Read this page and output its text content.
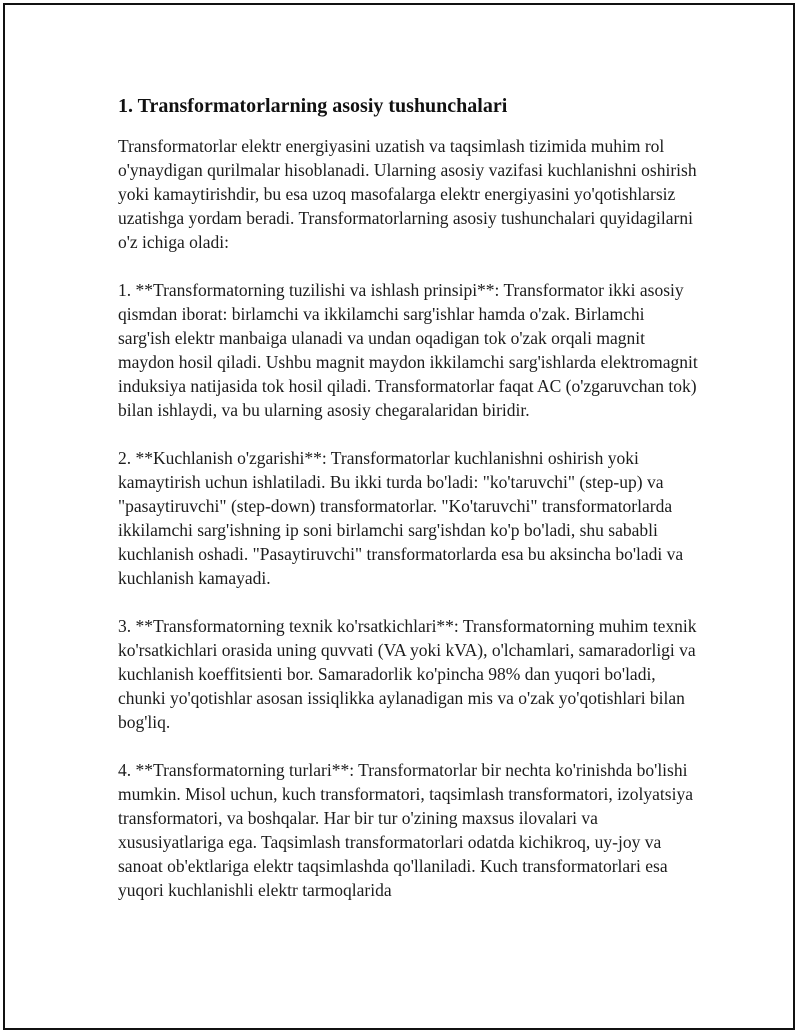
1. Transformatorlarning asosiy tushunchalari

Transformatorlar elektr energiyasini uzatish va taqsimlash tizimida muhim rol o'ynaydigan qurilmalar hisoblanadi. Ularning asosiy vazifasi kuchlanishni oshirish yoki kamaytirishdir, bu esa uzoq masofalarga elektr energiyasini yo'qotishlarsiz uzatishga yordam beradi. Transformatorlarning asosiy tushunchalari quyidagilarni o'z ichiga oladi:

1. **Transformatorning tuzilishi va ishlash prinsipi**: Transformator ikki asosiy qismdan iborat: birlamchi va ikkilamchi sarg'ishlar hamda o'zak. Birlamchi sarg'ish elektr manbaiga ulanadi va undan oqadigan tok o'zak orqali magnit maydon hosil qiladi. Ushbu magnit maydon ikkilamchi sarg'ishlarda elektromagnit induksiya natijasida tok hosil qiladi. Transformatorlar faqat AC (o'zgaruvchan tok) bilan ishlaydi, va bu ularning asosiy chegaralaridan biridir.

2. **Kuchlanish o'zgarishi**: Transformatorlar kuchlanishni oshirish yoki kamaytirish uchun ishlatiladi. Bu ikki turda bo'ladi: "ko'taruvchi" (step-up) va "pasaytiruvchi" (step-down) transformatorlar. "Ko'taruvchi" transformatorlarda ikkilamchi sarg'ishning ip soni birlamchi sarg'ishdan ko'p bo'ladi, shu sababli kuchlanish oshadi. "Pasaytiruvchi" transformatorlarda esa bu aksincha bo'ladi va kuchlanish kamayadi.

3. **Transformatorning texnik ko'rsatkichlari**: Transformatorning muhim texnik ko'rsatkichlari orasida uning quvvati (VA yoki kVA), o'lchamlari, samaradorligi va kuchlanish koeffitsienti bor. Samaradorlik ko'pincha 98% dan yuqori bo'ladi, chunki yo'qotishlar asosan issiqlikka aylanadigan mis va o'zak yo'qotishlari bilan bog'liq.

4. **Transformatorning turlari**: Transformatorlar bir nechta ko'rinishda bo'lishi mumkin. Misol uchun, kuch transformatori, taqsimlash transformatori, izolyatsiya transformatori, va boshqalar. Har bir tur o'zining maxsus ilovalari va xususiyatlariga ega. Taqsimlash transformatorlari odatda kichikroq, uy-joy va sanoat ob'ektlariga elektr taqsimlashda qo'llaniladi. Kuch transformatorlari esa yuqori kuchlanishli elektr tarmoqlarida
